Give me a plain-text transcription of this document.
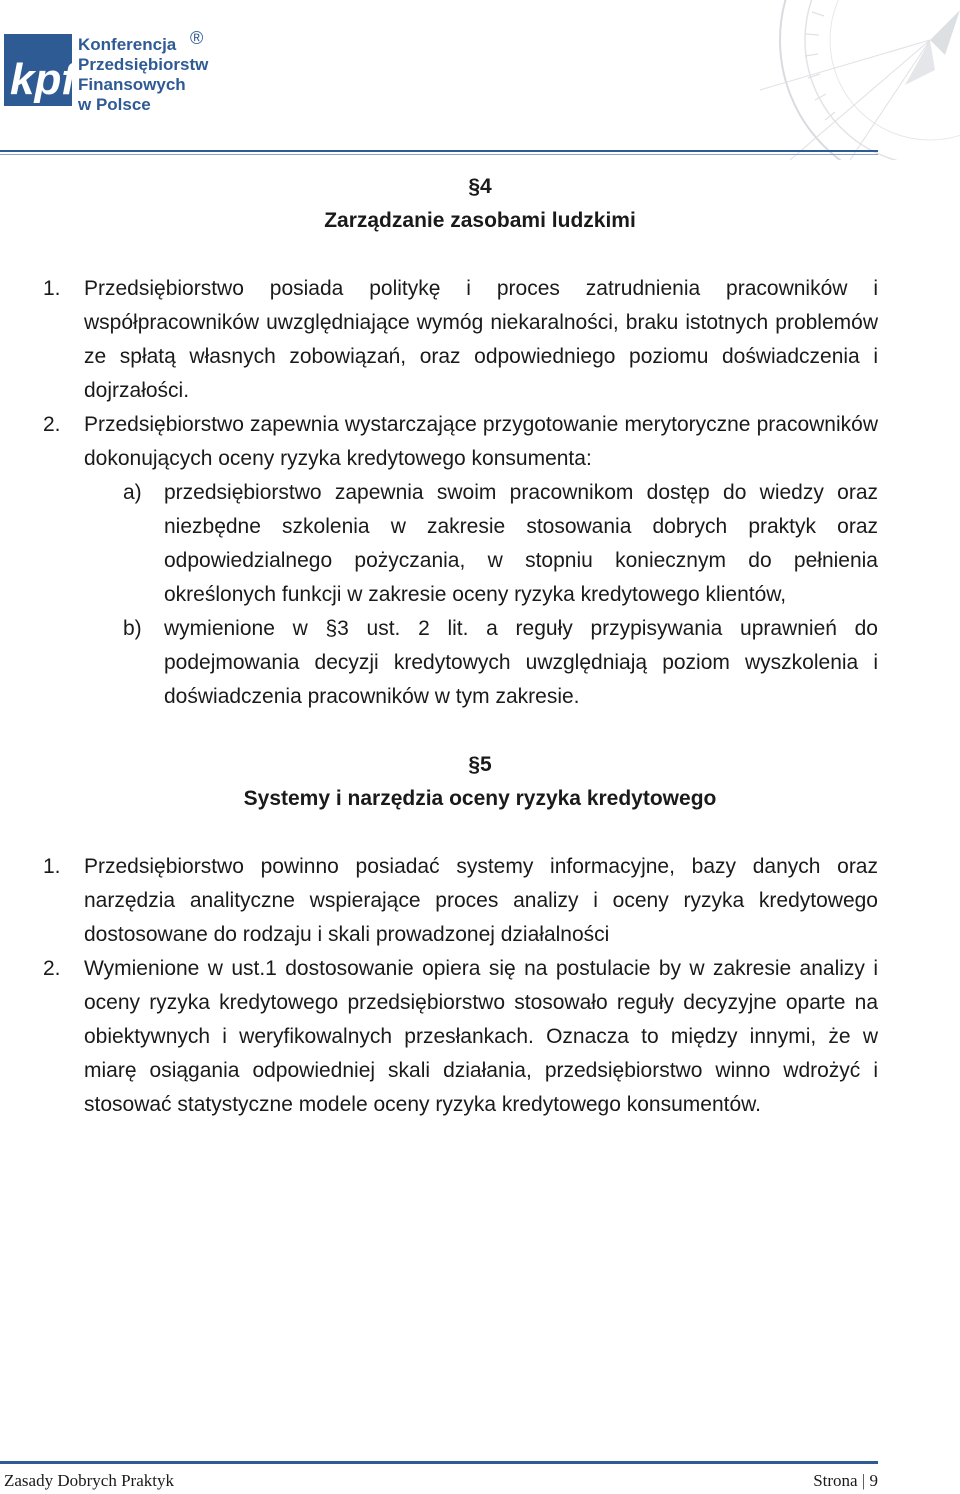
kpf
Konferencja
Przedsiębiorstw
Finansowych
w Polsce
®
§4
Zarządzanie zasobami ludzkimi
1. Przedsiębiorstwo posiada politykę i proces zatrudnienia pracowników i współpracowników uwzględniające wymóg niekaralności, braku istotnych problemów ze spłatą własnych zobowiązań, oraz odpowiedniego poziomu doświadczenia i dojrzałości.
2. Przedsiębiorstwo zapewnia wystarczające przygotowanie merytoryczne pracowników dokonujących oceny ryzyka kredytowego konsumenta:
a) przedsiębiorstwo zapewnia swoim pracownikom dostęp do wiedzy oraz niezbędne szkolenia w zakresie stosowania dobrych praktyk oraz odpowiedzialnego pożyczania, w stopniu koniecznym do pełnienia określonych funkcji w zakresie oceny ryzyka kredytowego klientów,
b) wymienione w §3 ust. 2 lit. a reguły przypisywania uprawnień do podejmowania decyzji kredytowych uwzględniają poziom wyszkolenia i doświadczenia pracowników w tym zakresie.
§5
Systemy i narzędzia oceny ryzyka kredytowego
1. Przedsiębiorstwo powinno posiadać systemy informacyjne, bazy danych oraz narzędzia analityczne wspierające proces analizy i oceny ryzyka kredytowego dostosowane do rodzaju i skali prowadzonej działalności
2. Wymienione w ust.1 dostosowanie opiera się na postulacie by w zakresie analizy i oceny ryzyka kredytowego przedsiębiorstwo stosowało reguły decyzyjne oparte na obiektywnych i weryfikowalnych przesłankach. Oznacza to między innymi, że w miarę osiągania odpowiedniej skali działania, przedsiębiorstwo winno wdrożyć i stosować statystyczne modele oceny ryzyka kredytowego konsumentów.
Zasady Dobrych Praktyk	Strona | 9
